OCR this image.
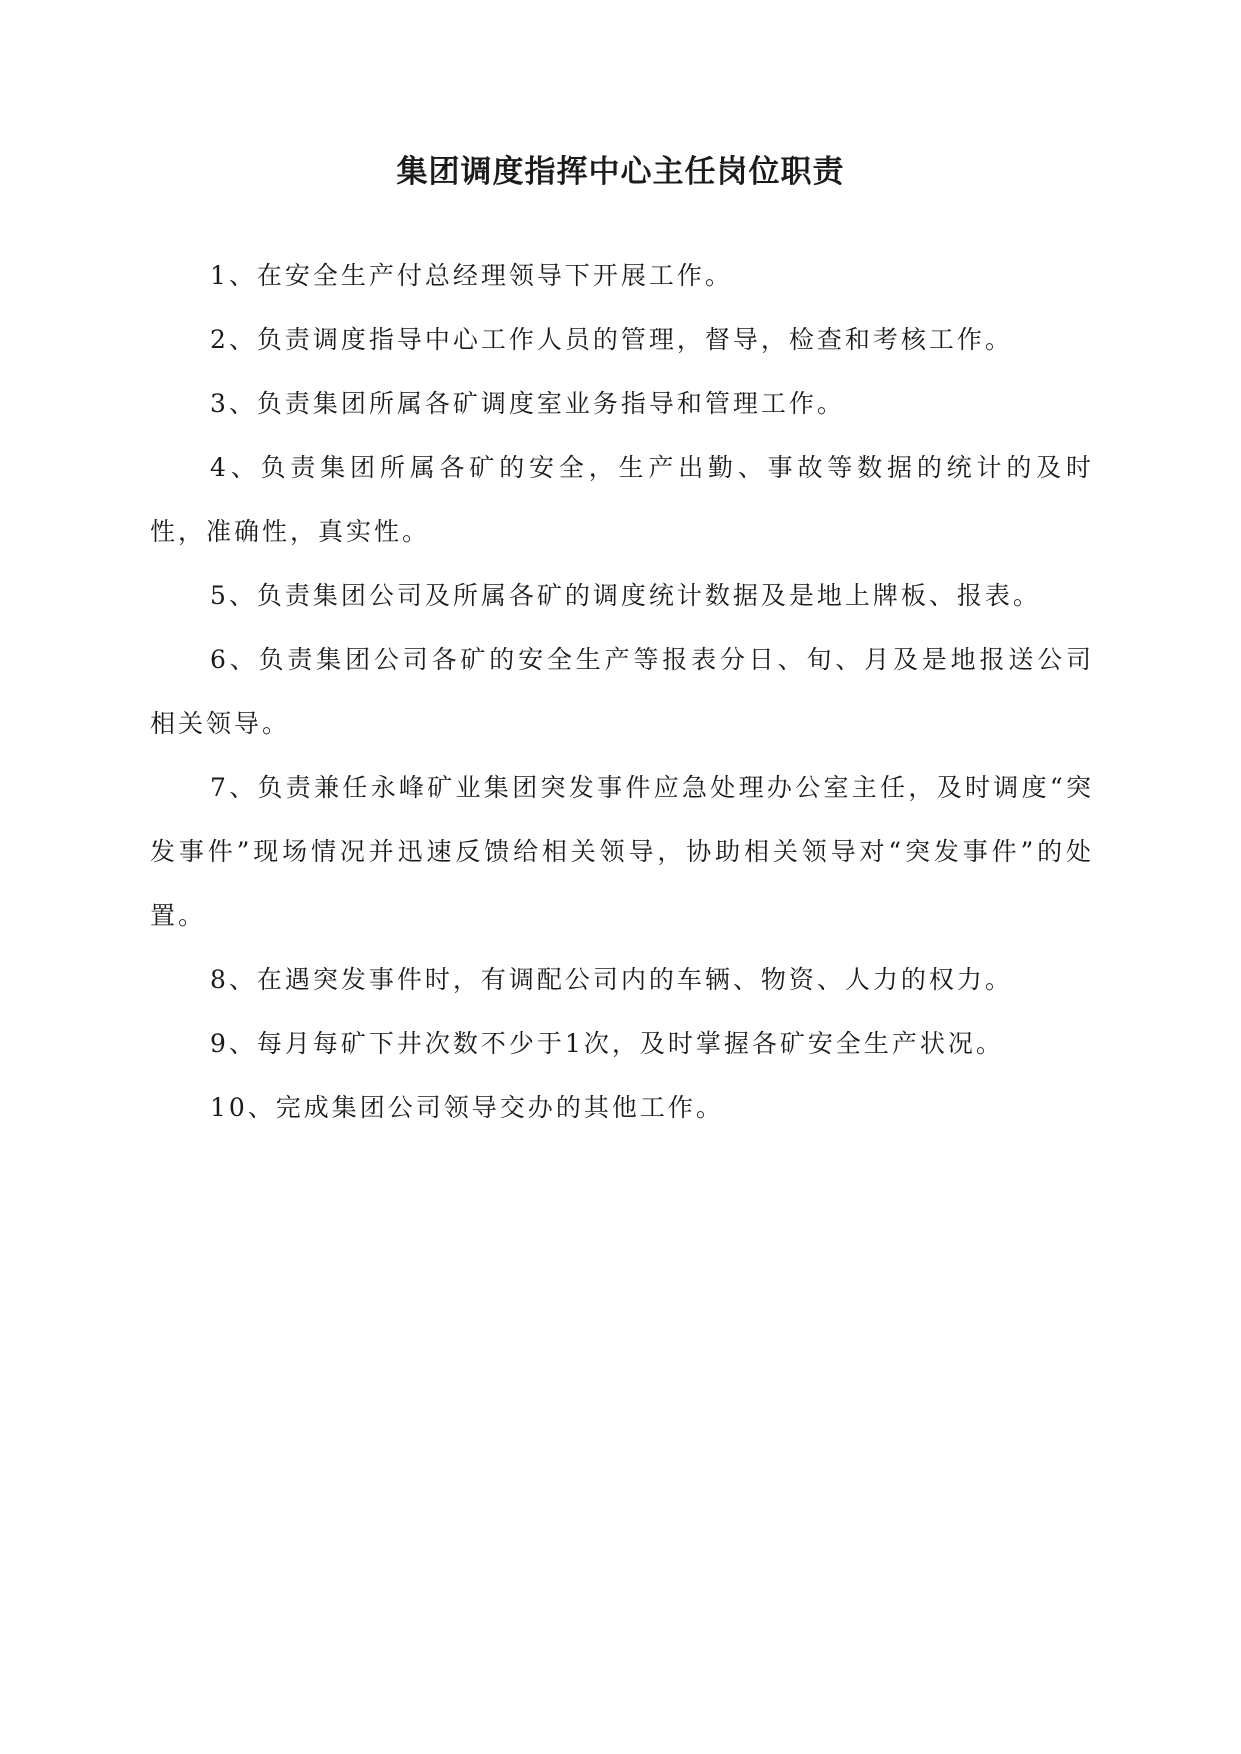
集团调度指挥中心主任岗位职责

1、在安全生产付总经理领导下开展工作。

2、负责调度指导中心工作人员的管理，督导，检查和考核工作。

3、负责集团所属各矿调度室业务指导和管理工作。

4、负责集团所属各矿的安全，生产出勤、事故等数据的统计的及时性，准确性，真实性。

5、负责集团公司及所属各矿的调度统计数据及是地上牌板、报表。

6、负责集团公司各矿的安全生产等报表分日、旬、月及是地报送公司相关领导。

7、负责兼任永峰矿业集团突发事件应急处理办公室主任，及时调度“突发事件”现场情况并迅速反馈给相关领导，协助相关领导对“突发事件”的处置。

8、在遇突发事件时，有调配公司内的车辆、物资、人力的权力。

9、每月每矿下井次数不少于1次，及时掌握各矿安全生产状况。

10、完成集团公司领导交办的其他工作。
